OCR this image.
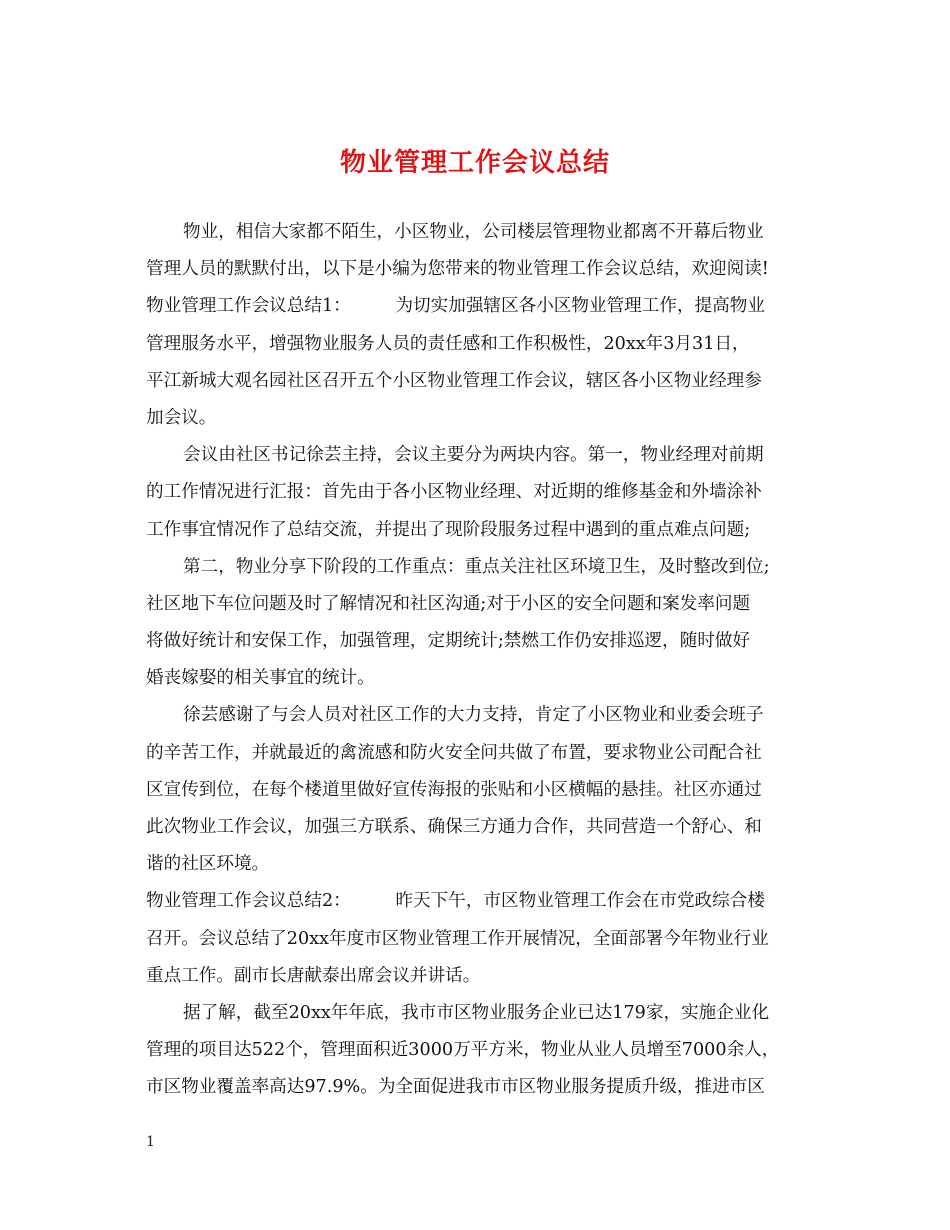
物业管理工作会议总结
物业，相信大家都不陌生，小区物业，公司楼层管理物业都离不开幕后物业
管理人员的默默付出，以下是小编为您带来的物业管理工作会议总结，欢迎阅读!
物业管理工作会议总结1：        为切实加强辖区各小区物业管理工作，提高物业
管理服务水平，增强物业服务人员的责任感和工作积极性，20xx年3月31日，
平江新城大观名园社区召开五个小区物业管理工作会议，辖区各小区物业经理参
加会议。
会议由社区书记徐芸主持，会议主要分为两块内容。第一，物业经理对前期
的工作情况进行汇报：首先由于各小区物业经理、对近期的维修基金和外墙涂补
工作事宜情况作了总结交流，并提出了现阶段服务过程中遇到的重点难点问题;
第二，物业分享下阶段的工作重点：重点关注社区环境卫生，及时整改到位;
社区地下车位问题及时了解情况和社区沟通;对于小区的安全问题和案发率问题
将做好统计和安保工作，加强管理，定期统计;禁燃工作仍安排巡逻，随时做好
婚丧嫁娶的相关事宜的统计。
徐芸感谢了与会人员对社区工作的大力支持，肯定了小区物业和业委会班子
的辛苦工作，并就最近的禽流感和防火安全问共做了布置，要求物业公司配合社
区宣传到位，在每个楼道里做好宣传海报的张贴和小区横幅的悬挂。社区亦通过
此次物业工作会议，加强三方联系、确保三方通力合作，共同营造一个舒心、和
谐的社区环境。
物业管理工作会议总结2：        昨天下午，市区物业管理工作会在市党政综合楼
召开。会议总结了20xx年度市区物业管理工作开展情况，全面部署今年物业行业
重点工作。副市长唐献泰出席会议并讲话。
据了解，截至20xx年年底，我市市区物业服务企业已达179家，实施企业化
管理的项目达522个，管理面积近3000万平方米，物业从业人员增至7000余人，
市区物业覆盖率高达97.9%。为全面促进我市市区物业服务提质升级，推进市区
1
